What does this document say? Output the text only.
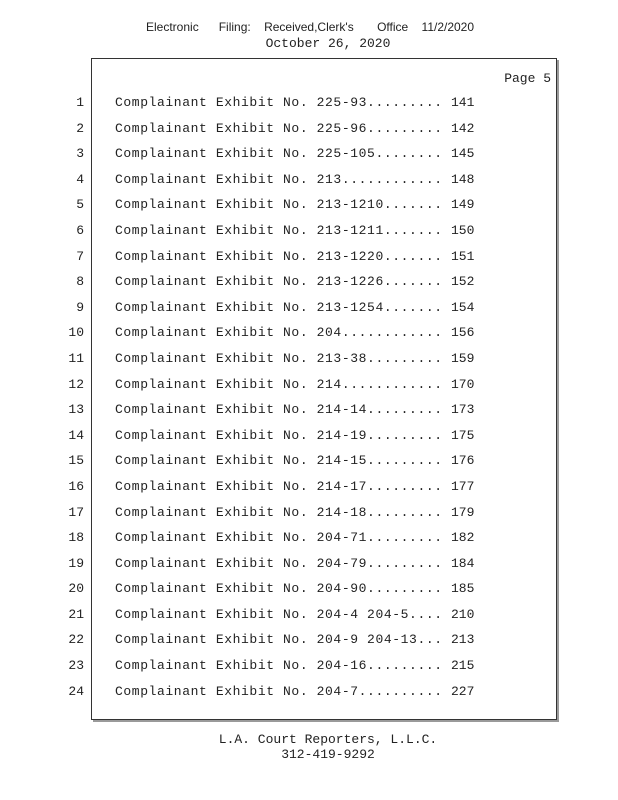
Electronic Filing: Received,Clerk's Office 11/2/2020
October 26, 2020
Page 5
1 Complainant Exhibit No. 225-93......... 141
2 Complainant Exhibit No. 225-96......... 142
3 Complainant Exhibit No. 225-105........ 145
4 Complainant Exhibit No. 213............ 148
5 Complainant Exhibit No. 213-1210....... 149
6 Complainant Exhibit No. 213-1211....... 150
7 Complainant Exhibit No. 213-1220....... 151
8 Complainant Exhibit No. 213-1226....... 152
9 Complainant Exhibit No. 213-1254....... 154
10 Complainant Exhibit No. 204............ 156
11 Complainant Exhibit No. 213-38......... 159
12 Complainant Exhibit No. 214............ 170
13 Complainant Exhibit No. 214-14......... 173
14 Complainant Exhibit No. 214-19......... 175
15 Complainant Exhibit No. 214-15......... 176
16 Complainant Exhibit No. 214-17......... 177
17 Complainant Exhibit No. 214-18......... 179
18 Complainant Exhibit No. 204-71......... 182
19 Complainant Exhibit No. 204-79......... 184
20 Complainant Exhibit No. 204-90......... 185
21 Complainant Exhibit No. 204-4 204-5.... 210
22 Complainant Exhibit No. 204-9 204-13... 213
23 Complainant Exhibit No. 204-16......... 215
24 Complainant Exhibit No. 204-7.......... 227
L.A. Court Reporters, L.L.C.
312-419-9292
